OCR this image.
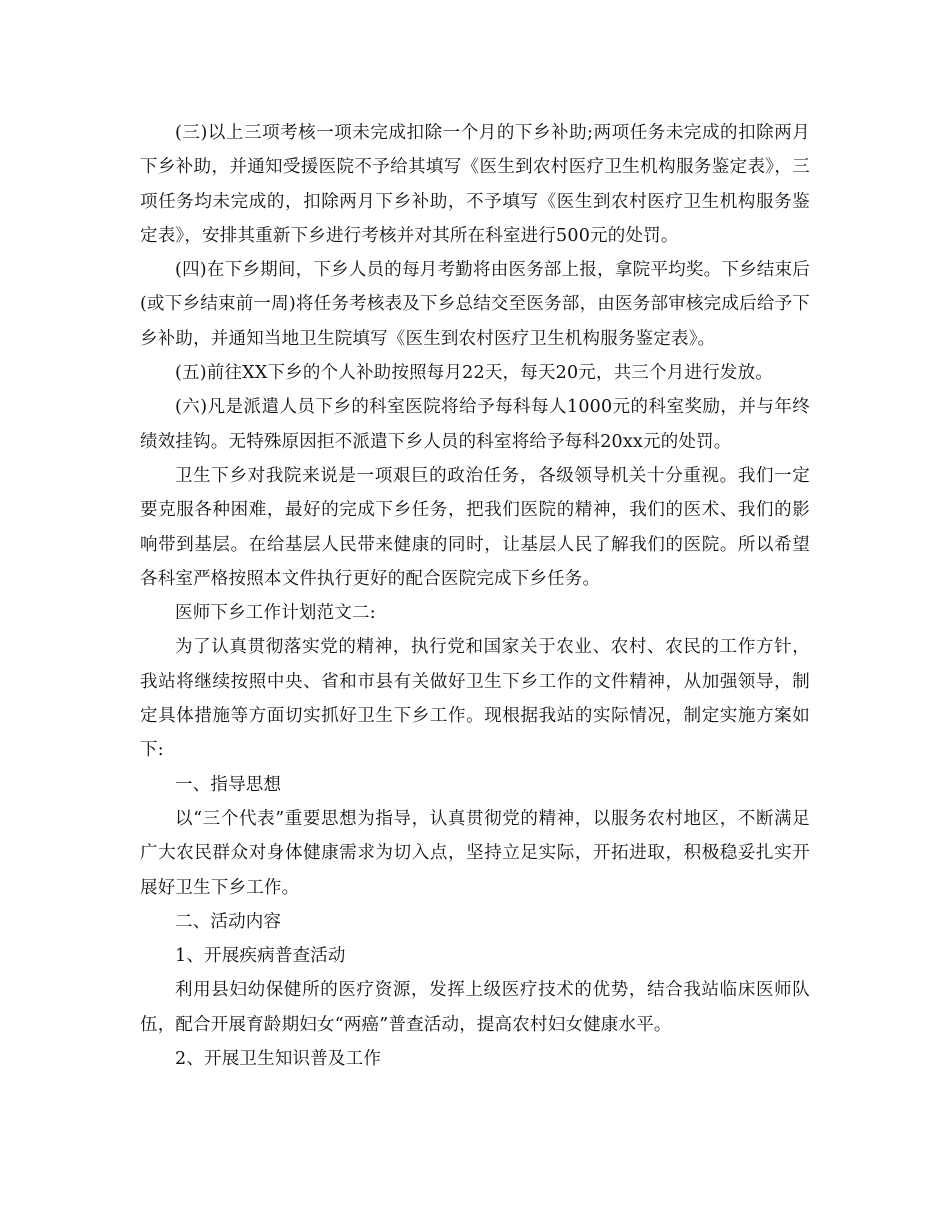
(三)以上三项考核一项未完成扣除一个月的下乡补助;两项任务未完成的扣除两月下乡补助，并通知受援医院不予给其填写《医生到农村医疗卫生机构服务鉴定表》，三项任务均未完成的，扣除两月下乡补助，不予填写《医生到农村医疗卫生机构服务鉴定表》，安排其重新下乡进行考核并对其所在科室进行500元的处罚。

(四)在下乡期间，下乡人员的每月考勤将由医务部上报，拿院平均奖。下乡结束后(或下乡结束前一周)将任务考核表及下乡总结交至医务部，由医务部审核完成后给予下乡补助，并通知当地卫生院填写《医生到农村医疗卫生机构服务鉴定表》。

(五)前往XX下乡的个人补助按照每月22天，每天20元，共三个月进行发放。

(六)凡是派遣人员下乡的科室医院将给予每科每人1000元的科室奖励，并与年终绩效挂钩。无特殊原因拒不派遣下乡人员的科室将给予每科20xx元的处罚。

卫生下乡对我院来说是一项艰巨的政治任务，各级领导机关十分重视。我们一定要克服各种困难，最好的完成下乡任务，把我们医院的精神，我们的医术、我们的影响带到基层。在给基层人民带来健康的同时，让基层人民了解我们的医院。所以希望各科室严格按照本文件执行更好的配合医院完成下乡任务。

医师下乡工作计划范文二:

为了认真贯彻落实党的精神，执行党和国家关于农业、农村、农民的工作方针，我站将继续按照中央、省和市县有关做好卫生下乡工作的文件精神，从加强领导，制定具体措施等方面切实抓好卫生下乡工作。现根据我站的实际情况，制定实施方案如下:

一、指导思想

以“三个代表”重要思想为指导，认真贯彻党的精神，以服务农村地区，不断满足广大农民群众对身体健康需求为切入点，坚持立足实际，开拓进取，积极稳妥扎实开展好卫生下乡工作。

二、活动内容

1、开展疾病普查活动

利用县妇幼保健所的医疗资源，发挥上级医疗技术的优势，结合我站临床医师队伍，配合开展育龄期妇女“两癌”普查活动，提高农村妇女健康水平。

2、开展卫生知识普及工作
